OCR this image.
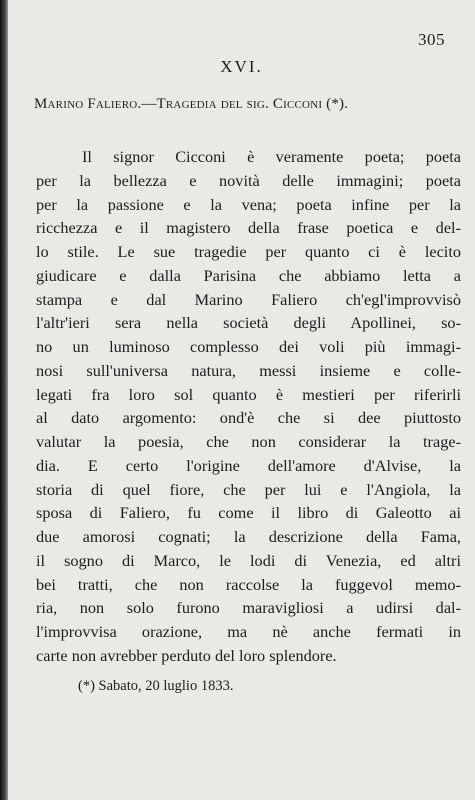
305
XVI.
Marino Faliero.—Tragedia del sig. Cicconi (*).
Il signor Cicconi è veramente poeta; poeta
per la bellezza e novità delle immagini; poeta
per la passione e la vena; poeta infine per la
ricchezza e il magistero della frase poetica e del-
lo stile. Le sue tragedie per quanto ci è lecito
giudicare e dalla Parisina che abbiamo letta a
stampa e dal Marino Faliero ch'egl'improvvisò
l'altr'ieri sera nella società degli Apollinei, so-
no un luminoso complesso dei voli più immagi-
nosi sull'universa natura, messi insieme e colle-
legati fra loro sol quanto è mestieri per riferirli
al dato argomento: ond'è che si dee piuttosto
valutar la poesia, che non considerar la trage-
dia. E certo l'origine dell'amore d'Alvise, la
storia di quel fiore, che per lui e l'Angiola, la
sposa di Faliero, fu come il libro di Galeotto ai
due amorosi cognati; la descrizione della Fama,
il sogno di Marco, le lodi di Venezia, ed altri
bei tratti, che non raccolse la fuggevol memo-
ria, non solo furono maravigliosi a udirsi dal-
l'improvvisa orazione, ma nè anche fermati in
carte non avrebber perduto del loro splendore.
(*) Sabato, 20 luglio 1833.
